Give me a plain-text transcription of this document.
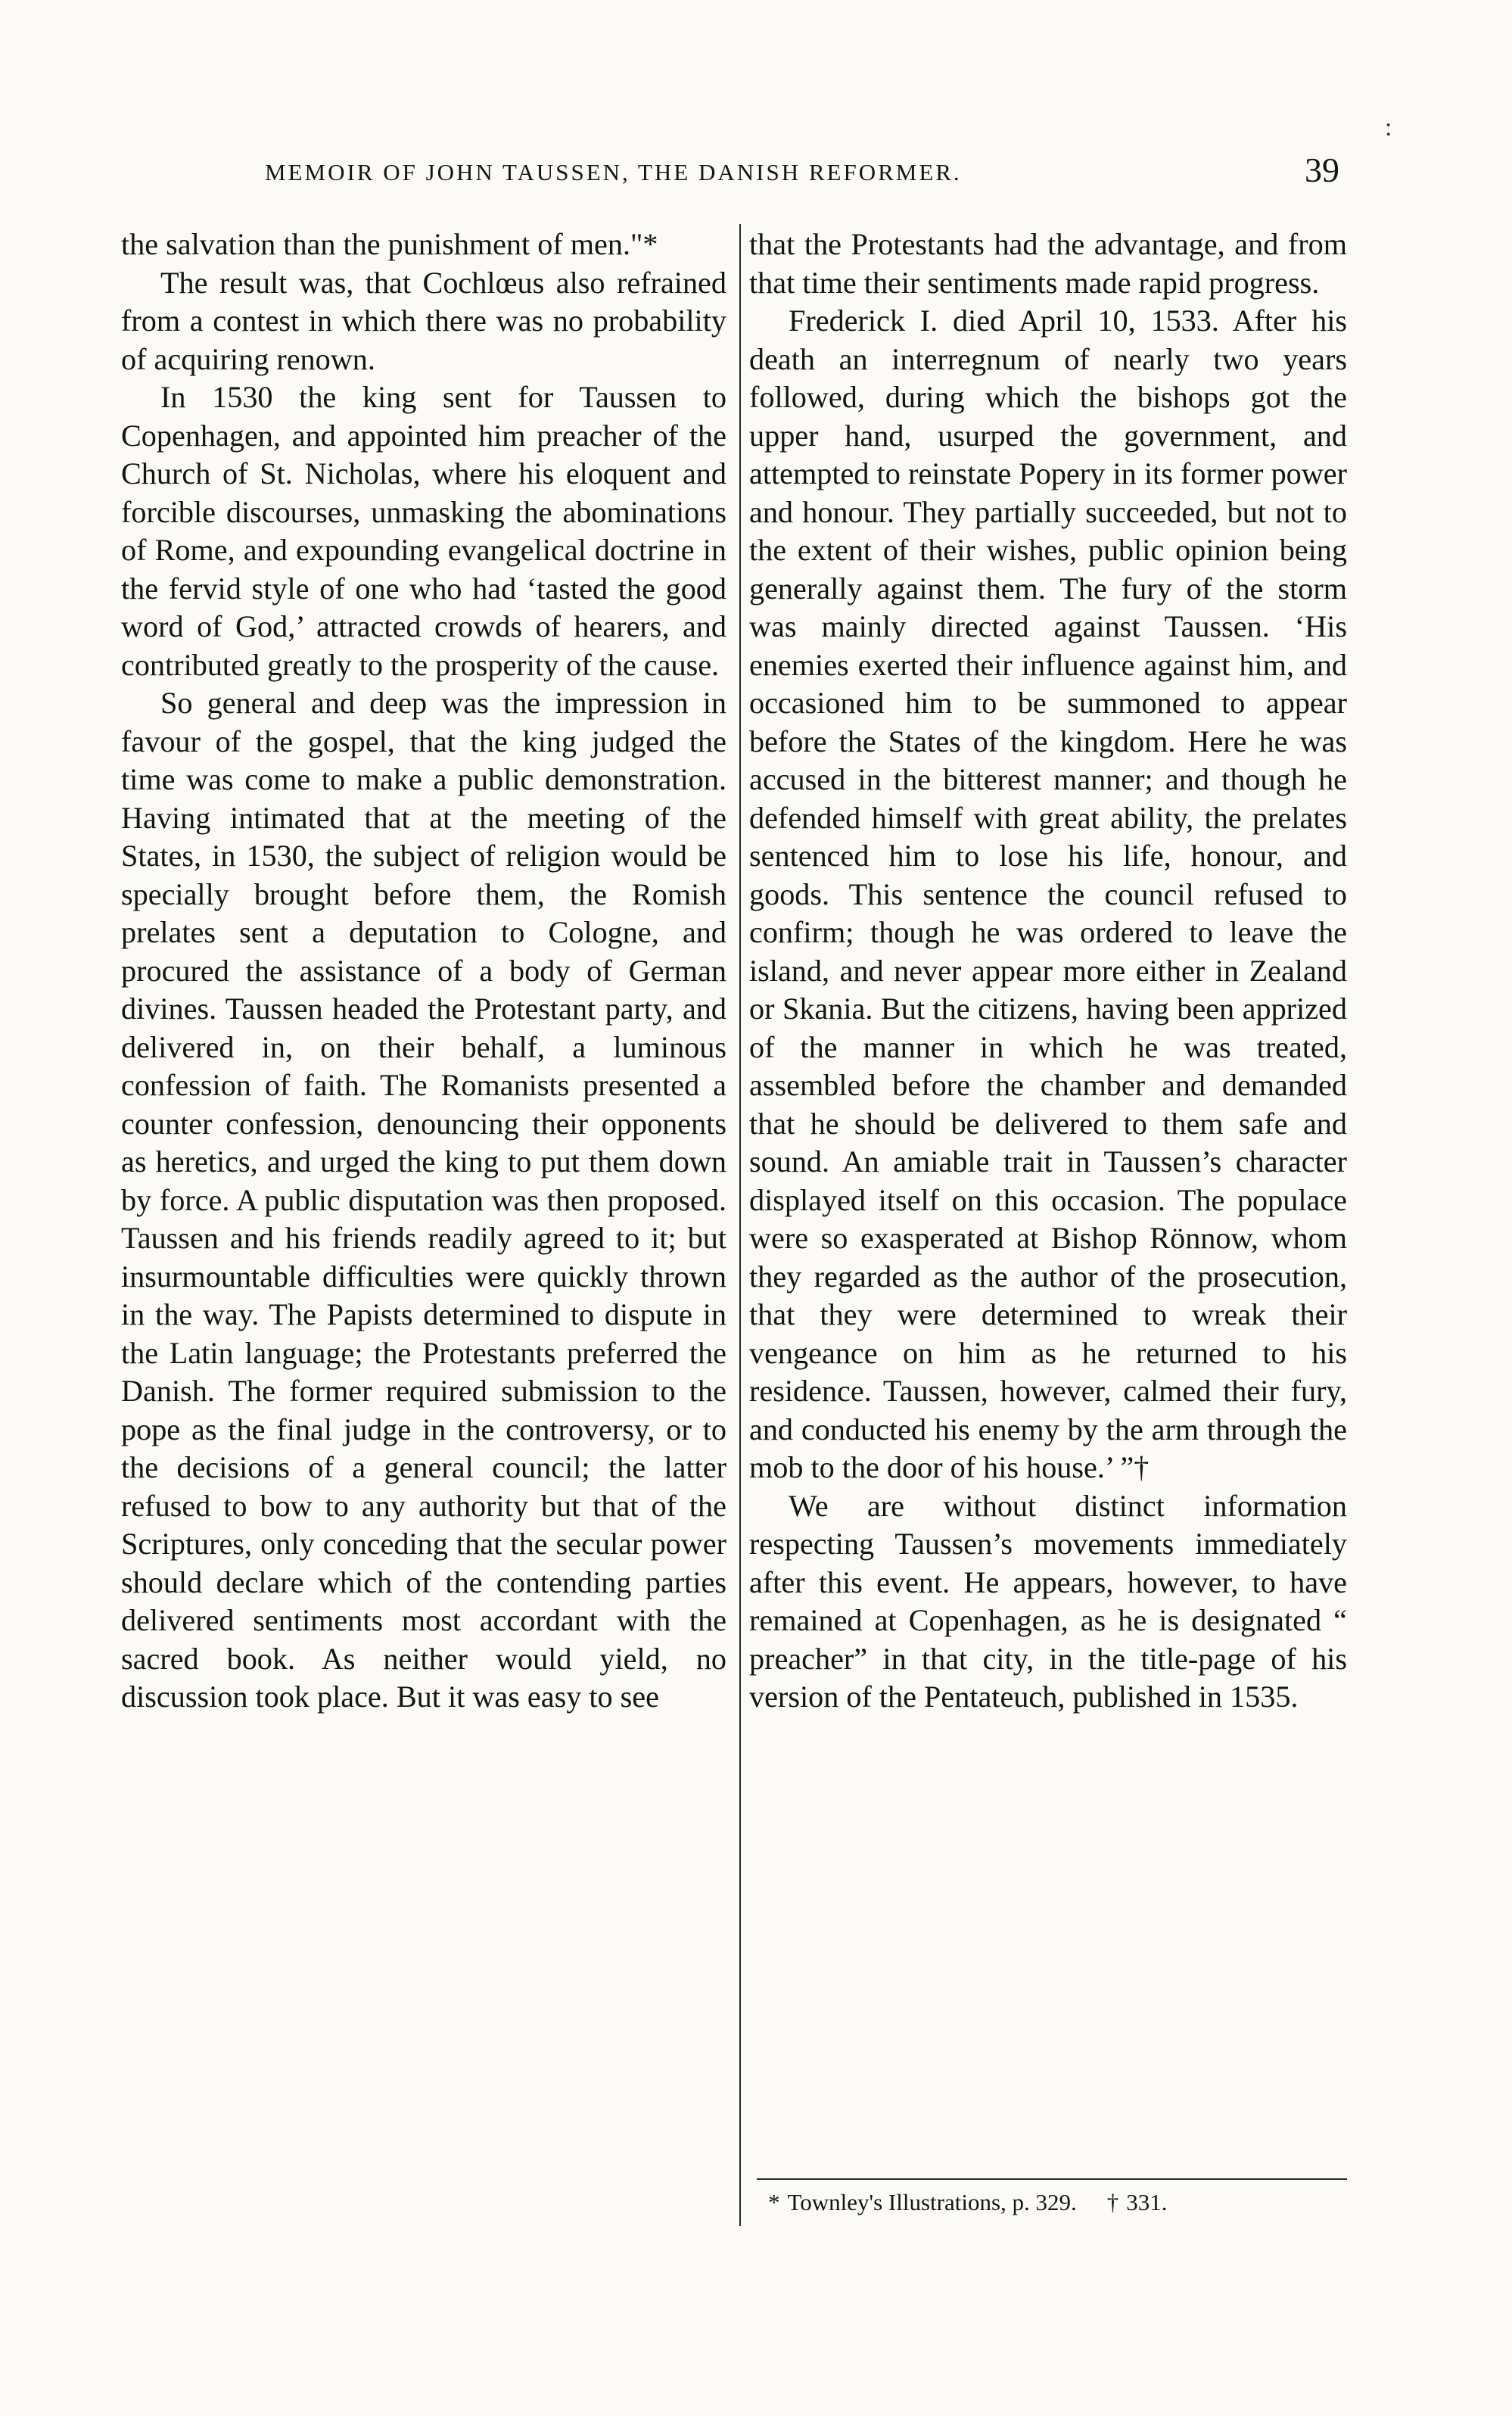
:
MEMOIR OF JOHN TAUSSEN, THE DANISH REFORMER.	39

the salvation than the punishment of men."*

The result was, that Cochlœus also refrained from a contest in which there was no probability of acquiring renown.

In 1530 the king sent for Taussen to Copenhagen, and appointed him preacher of the Church of St. Nicholas, where his eloquent and forcible discourses, unmasking the abominations of Rome, and expounding evangelical doctrine in the fervid style of one who had ‘tasted the good word of God,’ attracted crowds of hearers, and contributed greatly to the prosperity of the cause.

So general and deep was the impression in favour of the gospel, that the king judged the time was come to make a public demonstration. Having intimated that at the meeting of the States, in 1530, the subject of religion would be specially brought before them, the Romish prelates sent a deputation to Cologne, and procured the assistance of a body of German divines. Taussen headed the Protestant party, and delivered in, on their behalf, a luminous confession of faith. The Romanists presented a counter confession, denouncing their opponents as heretics, and urged the king to put them down by force. A public disputation was then proposed. Taussen and his friends readily agreed to it; but insurmountable difficulties were quickly thrown in the way. The Papists determined to dispute in the Latin language; the Protestants preferred the Danish. The former required submission to the pope as the final judge in the controversy, or to the decisions of a general council; the latter refused to bow to any authority but that of the Scriptures, only conceding that the secular power should declare which of the contending parties delivered sentiments most accordant with the sacred book. As neither would yield, no discussion took place. But it was easy to see

that the Protestants had the advantage, and from that time their sentiments made rapid progress.

Frederick I. died April 10, 1533. After his death an interregnum of nearly two years followed, during which the bishops got the upper hand, usurped the government, and attempted to reinstate Popery in its former power and honour. They partially succeeded, but not to the extent of their wishes, public opinion being generally against them. The fury of the storm was mainly directed against Taussen. ‘His enemies exerted their influence against him, and occasioned him to be summoned to appear before the States of the kingdom. Here he was accused in the bitterest manner; and though he defended himself with great ability, the prelates sentenced him to lose his life, honour, and goods. This sentence the council refused to confirm; though he was ordered to leave the island, and never appear more either in Zealand or Skania. But the citizens, having been apprized of the manner in which he was treated, assembled before the chamber and demanded that he should be delivered to them safe and sound. An amiable trait in Taussen’s character displayed itself on this occasion. The populace were so exasperated at Bishop Rönnow, whom they regarded as the author of the prosecution, that they were determined to wreak their vengeance on him as he returned to his residence. Taussen, however, calmed their fury, and conducted his enemy by the arm through the mob to the door of his house.’ ”†

We are without distinct information respecting Taussen’s movements immediately after this event. He appears, however, to have remained at Copenhagen, as he is designated “ preacher” in that city, in the title-page of his version of the Pentateuch, published in 1535.

* Townley's Illustrations, p. 329. † 331.
